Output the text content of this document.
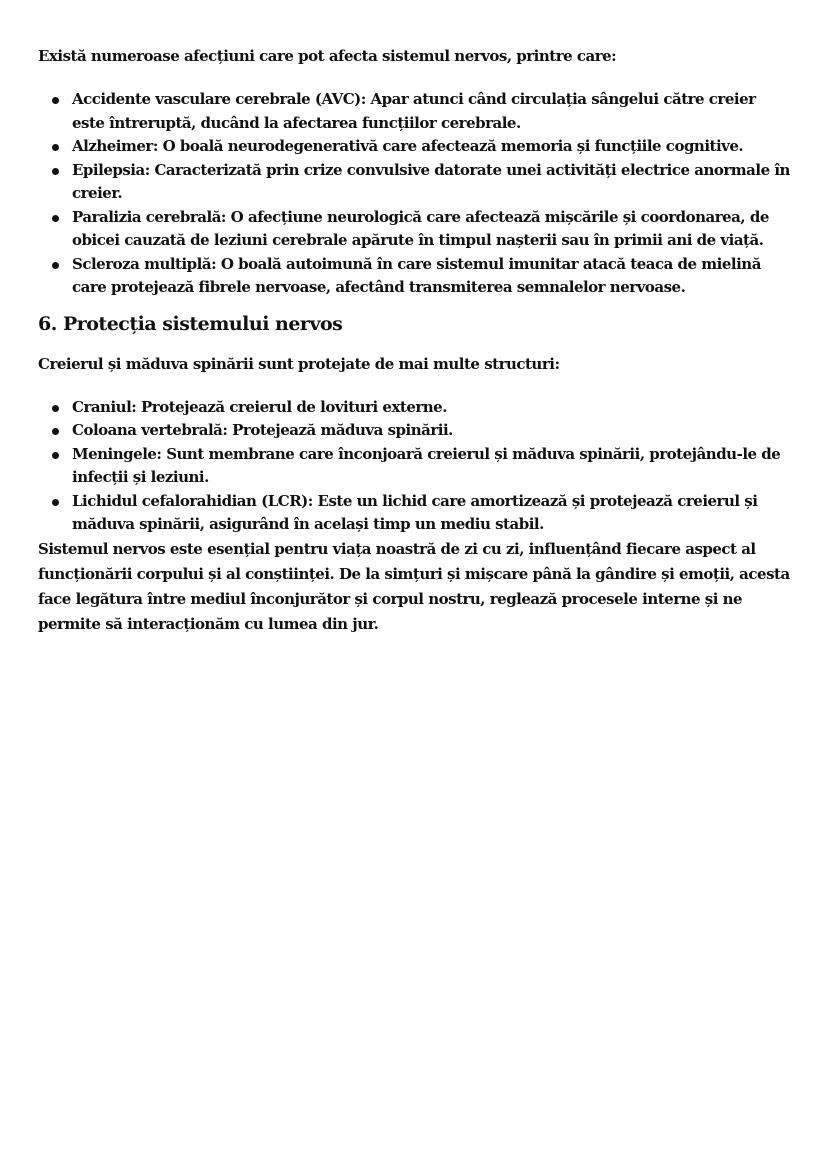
Există numeroase afecțiuni care pot afecta sistemul nervos, printre care:

Accidente vasculare cerebrale (AVC): Apar atunci când circulația sângelui către creier este întreruptă, ducând la afectarea funcțiilor cerebrale.
Alzheimer: O boală neurodegenerativă care afectează memoria și funcțiile cognitive.
Epilepsia: Caracterizată prin crize convulsive datorate unei activități electrice anormale în creier.
Paralizia cerebrală: O afecțiune neurologică care afectează mișcările și coordonarea, de obicei cauzată de leziuni cerebrale apărute în timpul nașterii sau în primii ani de viață.
Scleroza multiplă: O boală autoimună în care sistemul imunitar atacă teaca de mielină care protejează fibrele nervoase, afectând transmiterea semnalelor nervoase.
6. Protecția sistemului nervos

Creierul și măduva spinării sunt protejate de mai multe structuri:

Craniul: Protejează creierul de lovituri externe.
Coloana vertebrală: Protejează măduva spinării.
Meningele: Sunt membrane care înconjoară creierul și măduva spinării, protejându-le de infecții și leziuni.
Lichidul cefalorahidian (LCR): Este un lichid care amortizează și protejează creierul și măduva spinării, asigurând în același timp un mediu stabil.

Sistemul nervos este esențial pentru viața noastră de zi cu zi, influențând fiecare aspect al funcționării corpului și al conștiinței. De la simțuri și mișcare până la gândire și emoții, acesta face legătura între mediul înconjurător și corpul nostru, reglează procesele interne și ne permite să interacționăm cu lumea din jur.
